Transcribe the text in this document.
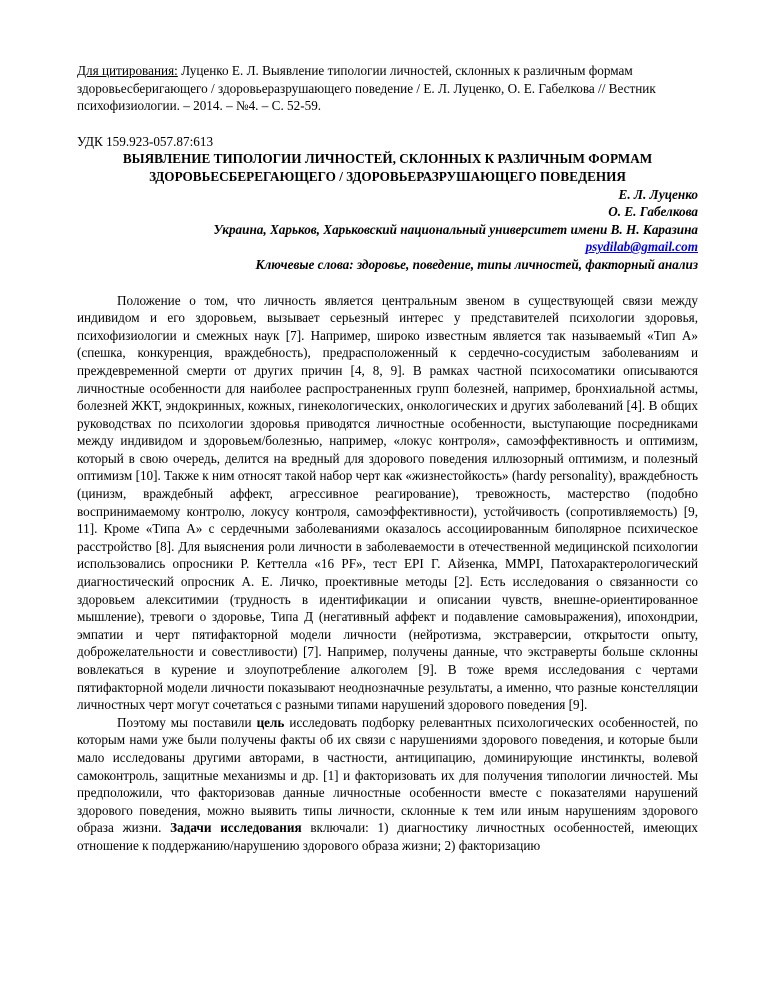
Для цитирования: Луценко Е. Л. Выявление типологии личностей, склонных к различным формам здоровьесберигающего / здоровьеразрушающего поведение / Е. Л. Луценко, О. Е. Габелкова // Вестник психофизиологии. – 2014. – №4. – С. 52-59.

УДК 159.923-057.87:613

ВЫЯВЛЕНИЕ ТИПОЛОГИИ ЛИЧНОСТЕЙ, СКЛОННЫХ К РАЗЛИЧНЫМ ФОРМАМ ЗДОРОВЬЕСБЕРЕГАЮЩЕГО / ЗДОРОВЬЕРАЗРУШАЮЩЕГО ПОВЕДЕНИЯ

Е. Л. Луценко

О. Е. Габелкова

Украина, Харьков, Харьковский национальный университет имени В. Н. Каразина

psydilab@gmail.com

Ключевые слова: здоровье, поведение, типы личностей, факторный анализ

Положение о том, что личность является центральным звеном в существующей связи между индивидом и его здоровьем, вызывает серьезный интерес у представителей психологии здоровья, психофизиологии и смежных наук [7]. Например, широко известным является так называемый «Тип А» (спешка, конкуренция, враждебность), предрасположенный к сердечно-сосудистым заболеваниям и преждевременной смерти от других причин [4, 8, 9]. В рамках частной психосоматики описываются личностные особенности для наиболее распространенных групп болезней, например, бронхиальной астмы, болезней ЖКТ, эндокринных, кожных, гинекологических, онкологических и других заболеваний [4]. В общих руководствах по психологии здоровья приводятся личностные особенности, выступающие посредниками между индивидом и здоровьем/болезнью, например, «локус контроля», самоэффективность и оптимизм, который в свою очередь, делится на вредный для здорового поведения иллюзорный оптимизм, и полезный оптимизм [10]. Также к ним относят такой набор черт как «жизнестойкость» (hardy personality), враждебность (цинизм, враждебный аффект, агрессивное реагирование), тревожность, мастерство (подобно воспринимаемому контролю, локусу контроля, самоэффективности), устойчивость (сопротивляемость) [9, 11]. Кроме «Типа А» с сердечными заболеваниями оказалось ассоциированным биполярное психическое расстройство [8]. Для выяснения роли личности в заболеваемости в отечественной медицинской психологии использовались опросники Р. Кеттелла «16 PF», тест EPI Г. Айзенка, MMPI, Патохарактерологический диагностический опросник А. Е. Личко, проективные методы [2]. Есть исследования о связанности со здоровьем алекситимии (трудность в идентификации и описании чувств, внешне-ориентированное мышление), тревоги о здоровье, Типа Д (негативный аффект и подавление самовыражения), ипохондрии, эмпатии и черт пятифакторной модели личности (нейротизма, экстраверсии, открытости опыту, доброжелательности и совестливости) [7]. Например, получены данные, что экстраверты больше склонны вовлекаться в курение и злоупотребление алкоголем [9]. В тоже время исследования с чертами пятифакторной модели личности показывают неоднозначные результаты, а именно, что разные констелляции личностных черт могут сочетаться с разными типами нарушений здорового поведения [9].

Поэтому мы поставили цель исследовать подборку релевантных психологических особенностей, по которым нами уже были получены факты об их связи с нарушениями здорового поведения, и которые были мало исследованы другими авторами, в частности, антиципацию, доминирующие инстинкты, волевой самоконтроль, защитные механизмы и др. [1] и факторизовать их для получения типологии личностей. Мы предположили, что факторизовав данные личностные особенности вместе с показателями нарушений здорового поведения, можно выявить типы личности, склонные к тем или иным нарушениям здорового образа жизни. Задачи исследования включали: 1) диагностику личностных особенностей, имеющих отношение к поддержанию/нарушению здорового образа жизни; 2) факторизацию
